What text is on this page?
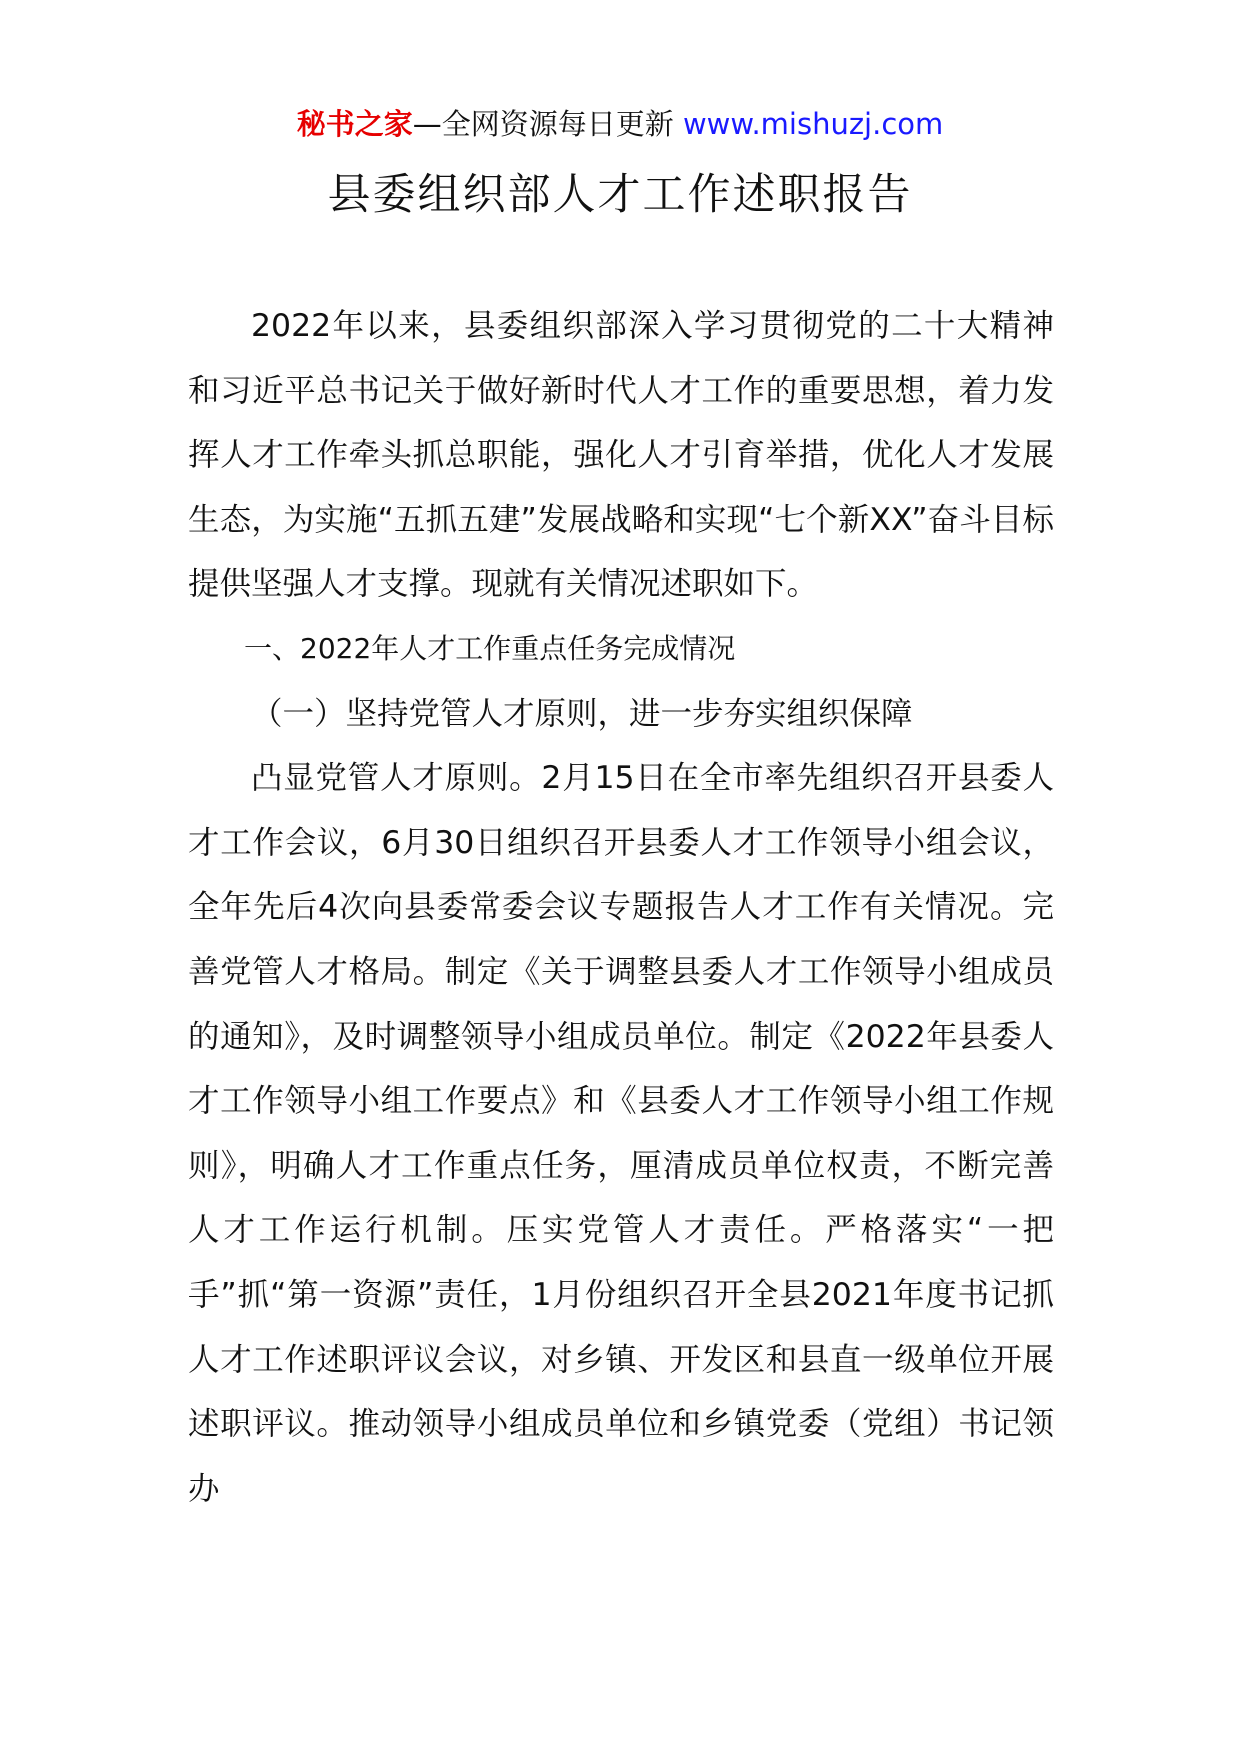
秘书之家—全网资源每日更新 www.mishuzj.com
县委组织部人才工作述职报告

2022年以来，县委组织部深入学习贯彻党的二十大精神和习近平总书记关于做好新时代人才工作的重要思想，着力发挥人才工作牵头抓总职能，强化人才引育举措，优化人才发展生态，为实施“五抓五建”发展战略和实现“七个新XX”奋斗目标提供坚强人才支撑。现就有关情况述职如下。

一、2022年人才工作重点任务完成情况

（一）坚持党管人才原则，进一步夯实组织保障

凸显党管人才原则。2月15日在全市率先组织召开县委人才工作会议，6月30日组织召开县委人才工作领导小组会议，全年先后4次向县委常委会议专题报告人才工作有关情况。完善党管人才格局。制定《关于调整县委人才工作领导小组成员的通知》，及时调整领导小组成员单位。制定《2022年县委人才工作领导小组工作要点》和《县委人才工作领导小组工作规则》，明确人才工作重点任务，厘清成员单位权责，不断完善人才工作运行机制。压实党管人才责任。严格落实“一把手”抓“第一资源”责任，1月份组织召开全县2021年度书记抓人才工作述职评议会议，对乡镇、开发区和县直一级单位开展述职评议。推动领导小组成员单位和乡镇党委（党组）书记领办
